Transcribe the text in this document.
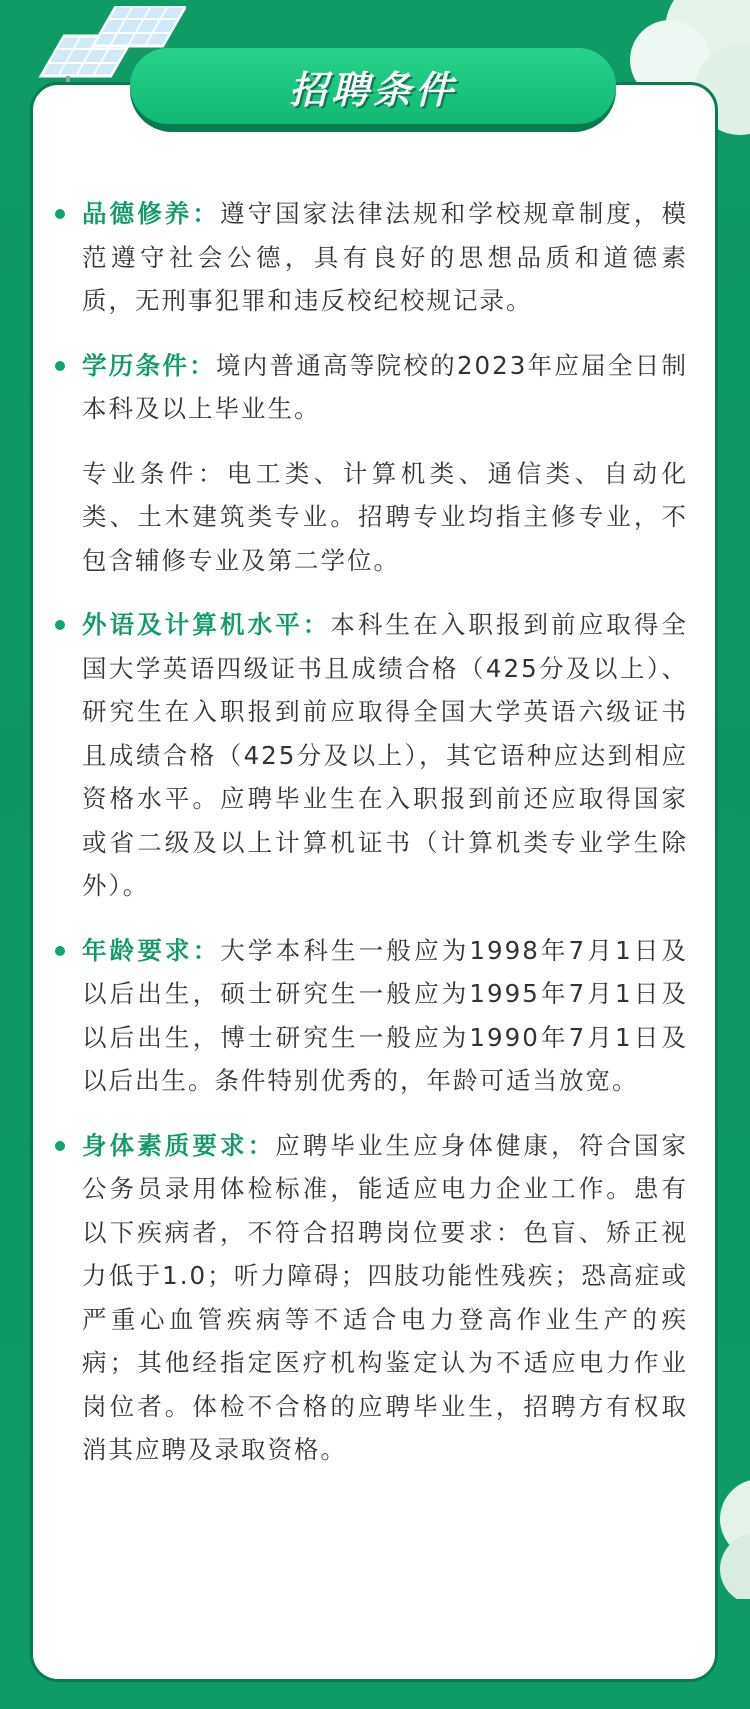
招聘条件
品德修养：遵守国家法律法规和学校规章制度，模范遵守社会公德，具有良好的思想品质和道德素质，无刑事犯罪和违反校纪校规记录。
学历条件：境内普通高等院校的2023年应届全日制本科及以上毕业生。
专业条件：电工类、计算机类、通信类、自动化类、土木建筑类专业。招聘专业均指主修专业，不包含辅修专业及第二学位。
外语及计算机水平：本科生在入职报到前应取得全国大学英语四级证书且成绩合格（425分及以上）、研究生在入职报到前应取得全国大学英语六级证书且成绩合格（425分及以上），其它语种应达到相应资格水平。应聘毕业生在入职报到前还应取得国家或省二级及以上计算机证书（计算机类专业学生除外）。
年龄要求：大学本科生一般应为1998年7月1日及以后出生，硕士研究生一般应为1995年7月1日及以后出生，博士研究生一般应为1990年7月1日及以后出生。条件特别优秀的，年龄可适当放宽。
身体素质要求：应聘毕业生应身体健康，符合国家公务员录用体检标准，能适应电力企业工作。患有以下疾病者，不符合招聘岗位要求：色盲、矫正视力低于1.0；听力障碍；四肢功能性残疾；恐高症或严重心血管疾病等不适合电力登高作业生产的疾病；其他经指定医疗机构鉴定认为不适应电力作业岗位者。体检不合格的应聘毕业生，招聘方有权取消其应聘及录取资格。
